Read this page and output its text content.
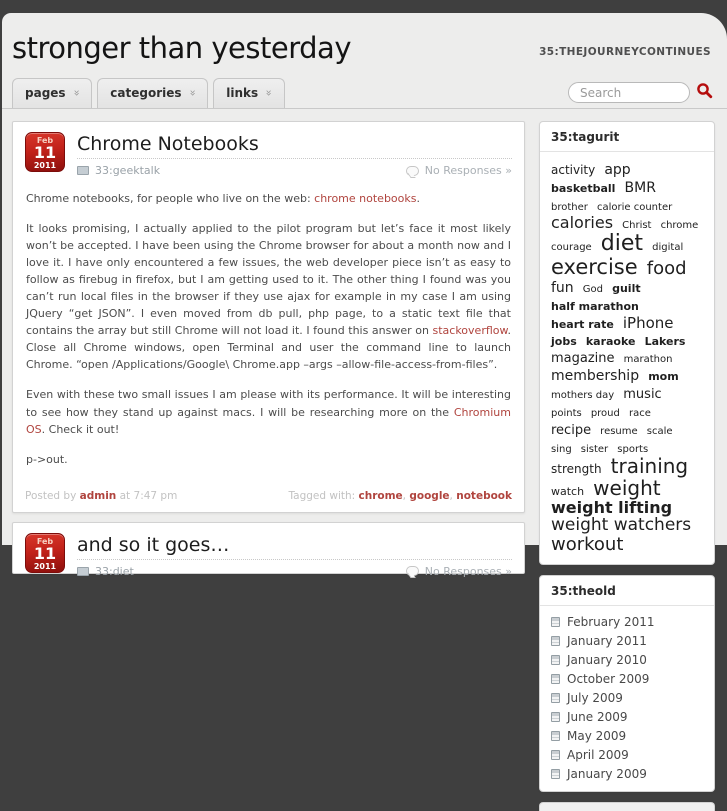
stronger than yesterday	35:THEJOURNEYCONTINUES
pages » categories » links »
Search
Feb
11
2011
Chrome Notebooks
33:geektalk	No Responses »

Chrome notebooks, for people who live on the web: chrome notebooks.

It looks promising, I actually applied to the pilot program but let’s face it most likely won’t be accepted. I have been using the Chrome browser for about a month now and I love it. I have only encountered a few issues, the web developer piece isn’t as easy to follow as firebug in firefox, but I am getting used to it. The other thing I found was you can’t run local files in the browser if they use ajax for example in my case I am using JQuery “get JSON”. I even moved from db pull, php page, to a static text file that contains the array but still Chrome will not load it. I found this answer on stackoverflow. Close all Chrome windows, open Terminal and user the command line to launch Chrome. “open /Applications/Google\ Chrome.app –args –allow-file-access-from-files”.

Even with these two small issues I am please with its performance. It will be interesting to see how they stand up against macs. I will be researching more on the Chromium OS. Check it out!

p->out.

Posted by admin at 7:47 pm	Tagged with: chrome, google, notebook
Feb
11
2011
and so it goes…
33:diet	No Responses »
35:tagurit
activity app basketball BMR brother calorie counter calories Christ chrome courage diet digital exercise food fun God guilt half marathon heart rate iPhone jobs karaoke Lakers magazine marathon membership mom mothers day music points proud race recipe resume scale sing sister sports strength training watch weight weight lifting weight watchers workout
35:theold
February 2011
January 2011
January 2010
October 2009
July 2009
June 2009
May 2009
April 2009
January 2009
